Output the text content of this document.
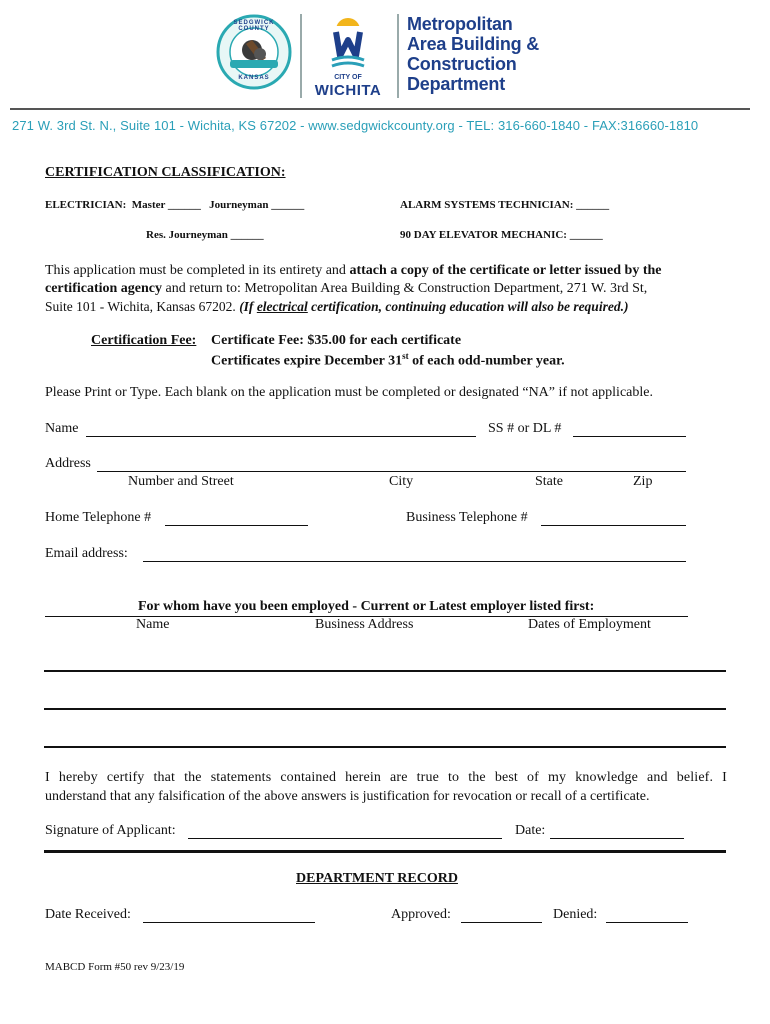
SEDGWICK COUNTY
KANSAS	CITY OF
WICHITA
Metropolitan
Area Building &
Construction
Department
271 W. 3rd St. N., Suite 101 - Wichita, KS 67202 - www.sedgwickcounty.org - TEL: 316-660-1840 - FAX:316660-1810
CERTIFICATION CLASSIFICATION:
ELECTRICIAN:  Master ______   Journeyman ______	ALARM SYSTEMS TECHNICIAN: ______
Res. Journeyman ______	90 DAY ELEVATOR MECHANIC: ______
This application must be completed in its entirety and attach a copy of the certificate or letter issued by the
certification agency and return to: Metropolitan Area Building & Construction Department, 271 W. 3rd St,
Suite 101 - Wichita, Kansas 67202. (If electrical certification, continuing education will also be required.)
Certification Fee: Certificate Fee: $35.00 for each certificate
Certificates expire December 31st of each odd-number year.
Please Print or Type. Each blank on the application must be completed or designated “NA” if not applicable.
Name	SS # or DL #
Address
Number and Street	City	State	Zip
Home Telephone #	Business Telephone #
Email address:
For whom have you been employed - Current or Latest employer listed first:
Name	Business Address	Dates of Employment
I hereby certify that the statements contained herein are true to the best of my knowledge and belief. I
understand that any falsification of the above answers is justification for revocation or recall of a certificate.
Signature of Applicant:	Date:
DEPARTMENT RECORD
Date Received:	Approved:	Denied:
MABCD Form #50 rev 9/23/19
